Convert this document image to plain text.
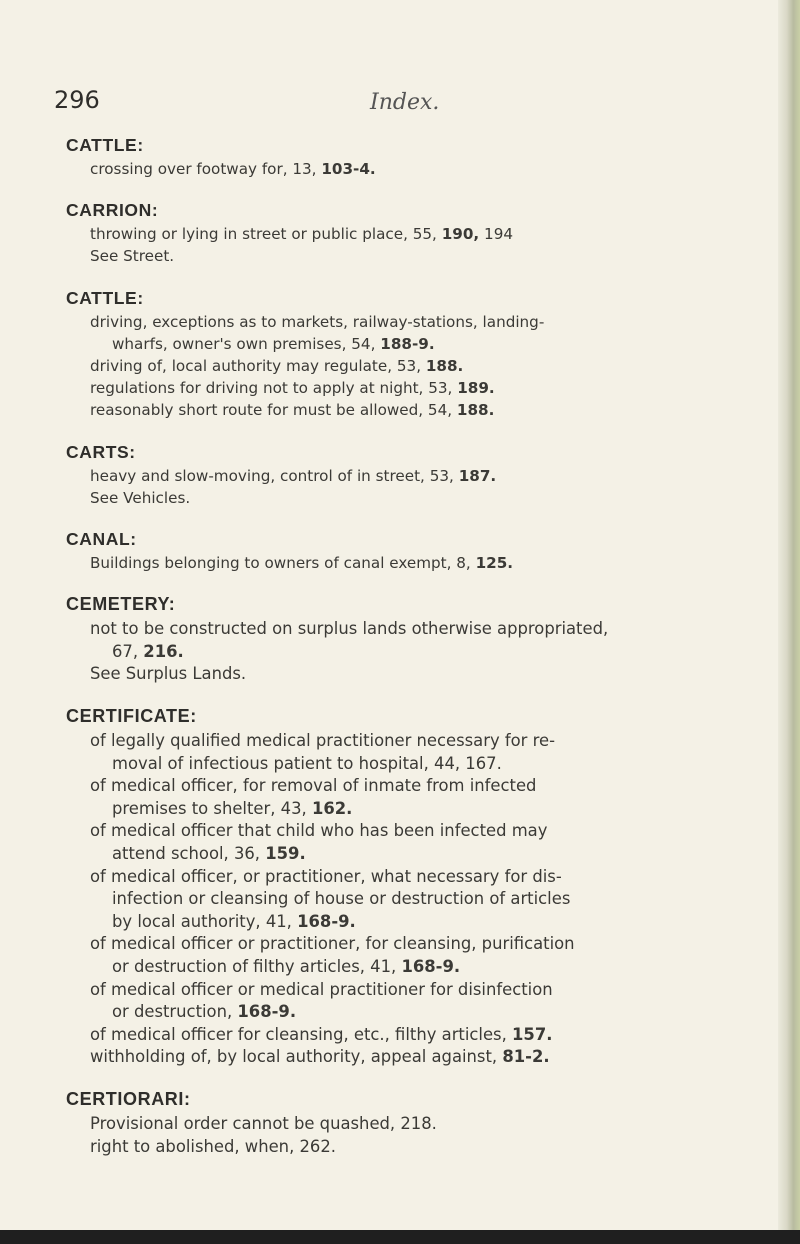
296	Index.
CATTLE:
crossing over footway for, 13, 103-4.
CARRION:
throwing or lying in street or public place, 55, 190, 194
See Street.
CATTLE:
driving, exceptions as to markets, railway-stations, landing-
wharfs, owner's own premises, 54, 188-9.
driving of, local authority may regulate, 53, 188.
regulations for driving not to apply at night, 53, 189.
reasonably short route for must be allowed, 54, 188.
CARTS:
heavy and slow-moving, control of in street, 53, 187.
See Vehicles.
CANAL:
Buildings belonging to owners of canal exempt, 8, 125.
CEMETERY:
not to be constructed on surplus lands otherwise appropriated,
67, 216.
See Surplus Lands.
CERTIFICATE:
of legally qualified medical practitioner necessary for re-
moval of infectious patient to hospital, 44, 167.
of medical officer, for removal of inmate from infected
premises to shelter, 43, 162.
of medical officer that child who has been infected may
attend school, 36, 159.
of medical officer, or practitioner, what necessary for dis-
infection or cleansing of house or destruction of articles
by local authority, 41, 168-9.
of medical officer or practitioner, for cleansing, purification
or destruction of filthy articles, 41, 168-9.
of medical officer or medical practitioner for disinfection
or destruction, 168-9.
of medical officer for cleansing, etc., filthy articles, 157.
withholding of, by local authority, appeal against, 81-2.
CERTIORARI:
Provisional order cannot be quashed, 218.
right to abolished, when, 262.
